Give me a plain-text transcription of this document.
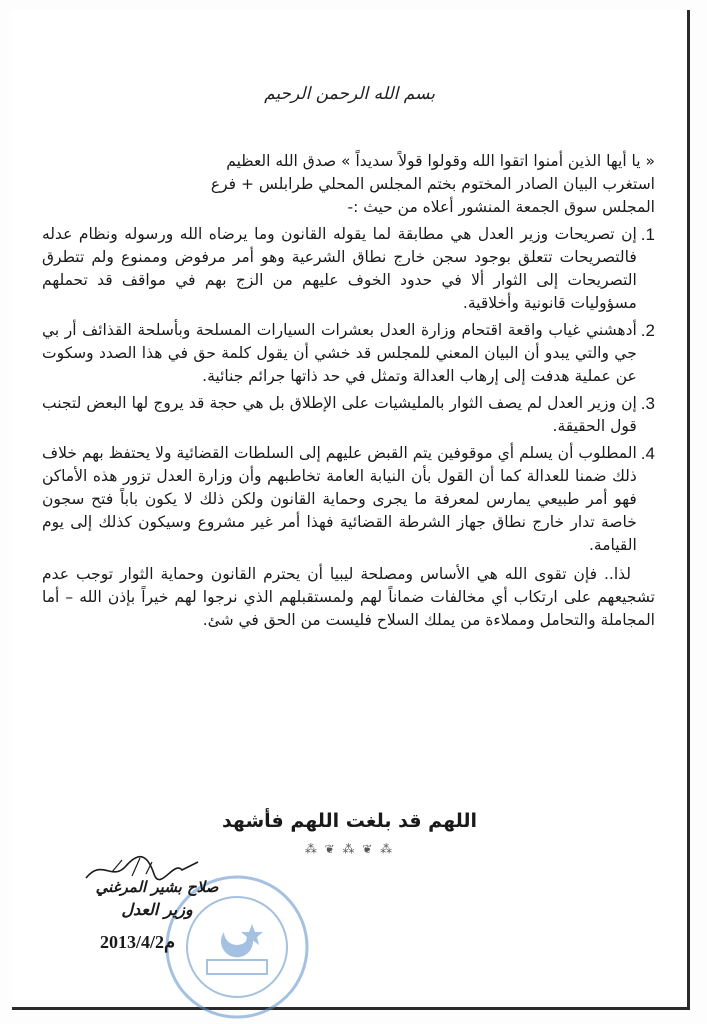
بسم الله الرحمن الرحيم

« يا أيها الذين أمنوا اتقوا الله وقولوا قولاً سديداً » صدق الله العظيم

استغرب البيان الصادر المختوم بختم المجلس المحلي طرابلس + فرع

المجلس سوق الجمعة المنشور أعلاه من حيث :-

1.
إن تصريحات وزير العدل هي مطابقة لما يقوله القانون وما يرضاه الله ورسوله ونظام عدله فالتصريحات تتعلق بوجود سجن خارج نطاق الشرعية وهو أمر مرفوض وممنوع ولم تتطرق التصريحات إلى الثوار ألا في حدود الخوف عليهم من الزج بهم في مواقف قد تحملهم مسؤوليات قانونية وأخلاقية.
2.
أدهشني غياب واقعة اقتحام وزارة العدل بعشرات السيارات المسلحة وبأسلحة القذائف أر بي جي والتي يبدو أن البيان المعني للمجلس قد خشي أن يقول كلمة حق في هذا الصدد وسكوت عن عملية هدفت إلى إرهاب العدالة وتمثل في حد ذاتها جرائم جنائية.
3.
إن وزير العدل لم يصف الثوار بالمليشيات على الإطلاق بل هي حجة قد يروج لها البعض لتجنب قول الحقيقة.
4.
المطلوب أن يسلم أي موقوفين يتم القبض عليهم إلى السلطات القضائية ولا يحتفظ بهم خلاف ذلك ضمنا للعدالة كما أن القول بأن النيابة العامة تخاطبهم وأن وزارة العدل تزور هذه الأماكن فهو أمر طبيعي يمارس لمعرفة ما يجرى وحماية القانون ولكن ذلك لا يكون باباً فتح سجون خاصة تدار خارج نطاق جهاز الشرطة القضائية فهذا أمر غير مشروع وسيكون كذلك إلى يوم القيامة.

لذا.. فإن تقوى الله هي الأساس ومصلحة ليبيا أن يحترم القانون وحماية الثوار توجب عدم تشجيعهم على ارتكاب أي مخالفات ضماناً لهم ولمستقبلهم الذي نرجوا لهم خيراً بإذن الله – أما المجاملة والتحامل ومملاءة من يملك السلاح فليست من الحق في شئ.

اللهم قد بلغت اللهم فأشهد
⁂ ❦ ⁂ ❦ ⁂
صلاح بشير المرغني
وزير العدل
2013/4/2م
